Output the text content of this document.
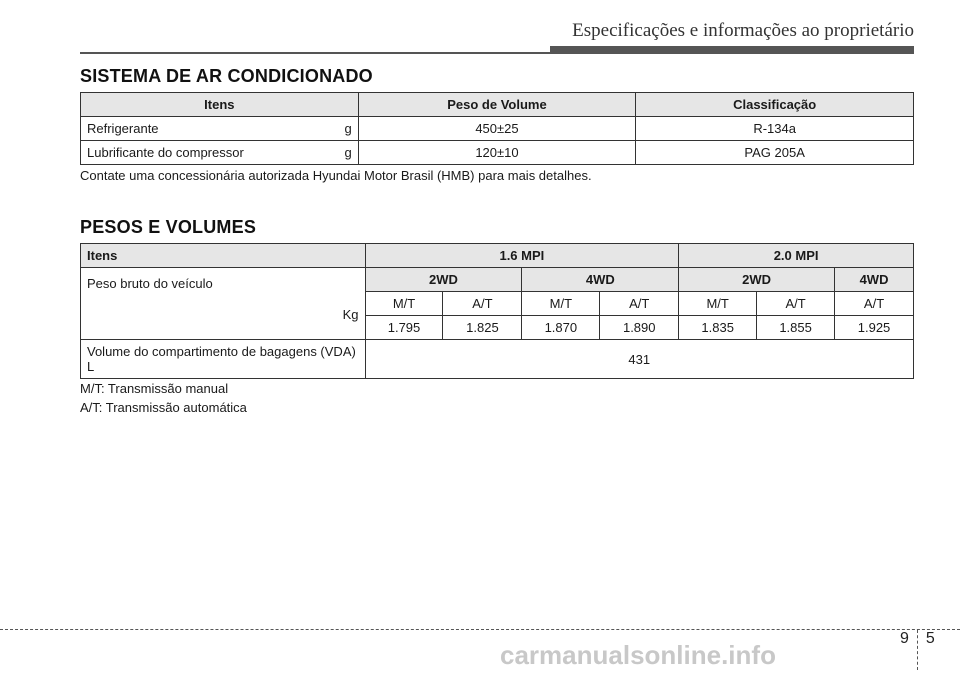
Especificações e informações ao proprietário
SISTEMA DE AR CONDICIONADO
Itens	Peso de Volume	Classificação

Refrigerante g	450±25	R-134a

Lubrificante do compressor g	120±10	PAG 205A
Contate uma concessionária autorizada Hyundai Motor Brasil (HMB) para mais detalhes.
PESOS E VOLUMES
Itens	1.6 MPI				2.0 MPI		
Peso bruto do veículo
Kg	2WD		4WD		2WD		4WD
	M/T	A/T	M/T	A/T	M/T	A/T	A/T
	1.795	1.825	1.870	1.890	1.835	1.855	1.925
Volume do compartimento de bagagens (VDA) L	431						
M/T: Transmissão manual
A/T: Transmissão automática
9 5
carmanualsonline.info
